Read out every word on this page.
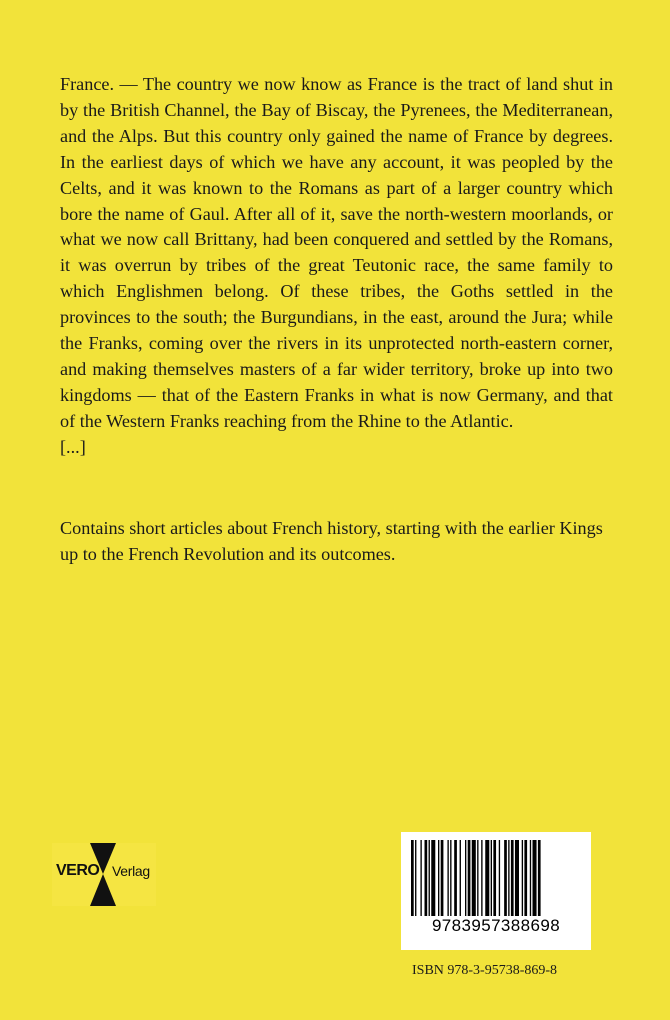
France. — The country we now know as France is the tract of land shut in by the British Channel, the Bay of Biscay, the Pyrenees, the Mediterranean, and the Alps. But this country only gained the name of France by degrees. In the earliest days of which we have any account, it was peopled by the Celts, and it was known to the Romans as part of a larger country which bore the name of Gaul. After all of it, save the north-western moorlands, or what we now call Brittany, had been conquered and settled by the Romans, it was overrun by tribes of the great Teutonic race, the same family to which Englishmen belong. Of these tribes, the Goths settled in the provinces to the south; the Burgundians, in the east, around the Jura; while the Franks, coming over the rivers in its unprotected north-eastern corner, and making themselves masters of a far wider territory, broke up into two kingdoms — that of the Eastern Franks in what is now Germany, and that of the Western Franks reaching from the Rhine to the Atlantic.
[...]

Contains short articles about French history, starting with the earlier Kings up to the French Revolution and its outcomes.

VERO Verlag
9783957388698
ISBN 978-3-95738-869-8
